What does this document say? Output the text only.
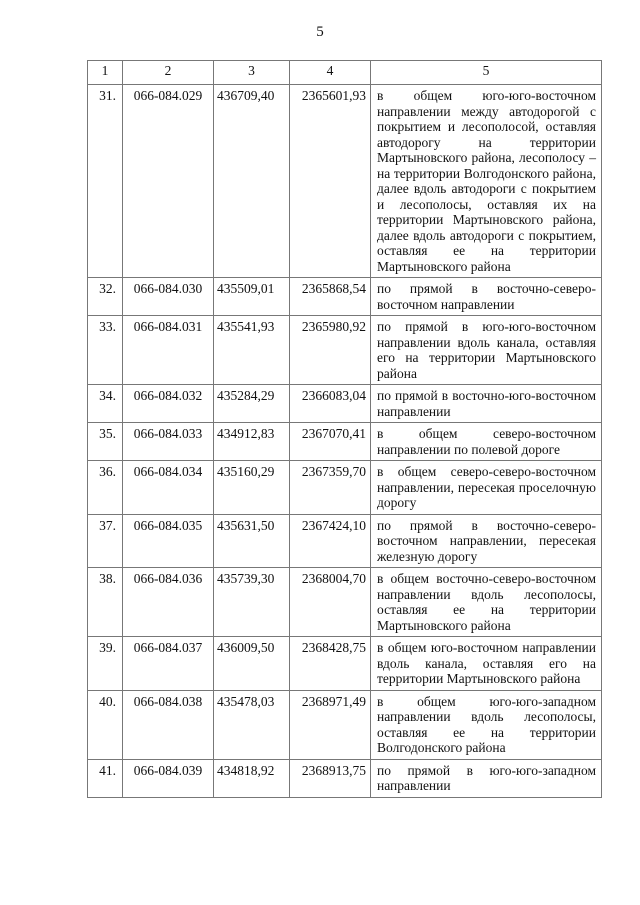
5
1	2	3	4	5
31.	066-084.029	436709,40	2365601,93	в общем юго-юго-восточном направлении между автодорогой с покрытием и лесополосой, оставляя автодорогу на территории Мартыновского района, лесополосу – на территории Волгодонского района, далее вдоль автодороги с покрытием и лесополосы, оставляя их на территории Мартыновского района, далее вдоль автодороги с покрытием, оставляя ее на территории Мартыновского района
32.	066-084.030	435509,01	2365868,54	по прямой в восточно-северо-восточном направлении
33.	066-084.031	435541,93	2365980,92	по прямой в юго-юго-восточном направлении вдоль канала, оставляя его на территории Мартыновского района
34.	066-084.032	435284,29	2366083,04	по прямой в восточно-юго-восточном направлении
35.	066-084.033	434912,83	2367070,41	в общем северо-восточном направлении по полевой дороге
36.	066-084.034	435160,29	2367359,70	в общем северо-северо-восточном направлении, пересекая проселочную дорогу
37.	066-084.035	435631,50	2367424,10	по прямой в восточно-северо-восточном направлении, пересекая железную дорогу
38.	066-084.036	435739,30	2368004,70	в общем восточно-северо-восточном направлении вдоль лесополосы, оставляя ее на территории Мартыновского района
39.	066-084.037	436009,50	2368428,75	в общем юго-восточном направлении вдоль канала, оставляя его на территории Мартыновского района
40.	066-084.038	435478,03	2368971,49	в общем юго-юго-западном направлении вдоль лесополосы, оставляя ее на территории Волгодонского района
41.	066-084.039	434818,92	2368913,75	по прямой в юго-юго-западном направлении
